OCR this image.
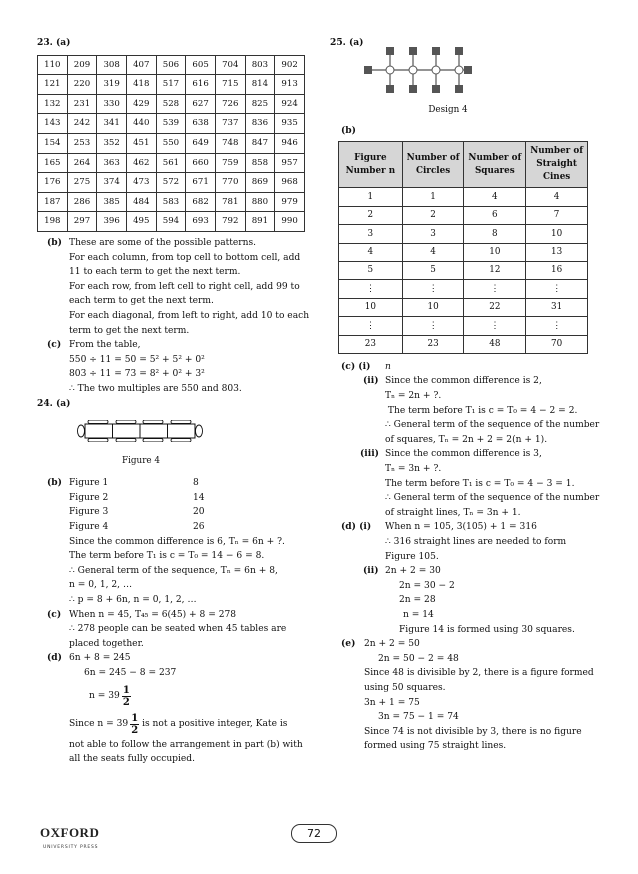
23. (a)
110	209	308	407	506	605	704	803	902
121	220	319	418	517	616	715	814	913
132	231	330	429	528	627	726	825	924
143	242	341	440	539	638	737	836	935
154	253	352	451	550	649	748	847	946
165	264	363	462	561	660	759	858	957
176	275	374	473	572	671	770	869	968
187	286	385	484	583	682	781	880	979
198	297	396	495	594	693	792	891	990
(b) These are some of the possible patterns.
For each column, from top cell to bottom cell, add
11 to each term to get the next term.
For each row, from left cell to right cell, add 99 to
each term to get the next term.
For each diagonal, from left to right, add 10 to each
term to get the next term.
(c) From the table,
550 ÷ 11 = 50 = 5² + 5² + 0²
803 ÷ 11 = 73 = 8² + 0² + 3²
∴ The two multiples are 550 and 803.
24. (a)
Figure 4
(b) Figure 1	8
Figure 2	14
Figure 3	20
Figure 4	26
Since the common difference is 6, Tₙ = 6n + ?.
The term before T₁ is c = T₀ = 14 − 6 = 8.
∴ General term of the sequence, Tₙ = 6n + 8,
n = 0, 1, 2, …
∴ p = 8 + 6n, n = 0, 1, 2, …
(c) When n = 45, T₄₅ = 6(45) + 8 = 278
∴ 278 people can be seated when 45 tables are
placed together.
(d) 6n + 8 = 245
6n = 245 − 8 = 237
$n = 39 \frac{1}{2}$
Since $n = 39 \frac{1}{2}$ is not a positive integer, Kate is
not able to follow the arrangement in part (b) with
all the seats fully occupied.
25. (a)
Design 4
(b)
Figure Number n	Number of Circles	Number of Squares	Number of Straight Cines
1	1	4	4
2	2	6	7
3	3	8	10
4	4	10	13
5	5	12	16
⋮	⋮	⋮	⋮
10	10	22	31
⋮	⋮	⋮	⋮
23	23	48	70
(c) (i)	n
(ii) Since the common difference is 2,
Tₙ = 2n + ?.
The term before T₁ is c = T₀ = 4 − 2 = 2.
∴ General term of the sequence of the number
of squares, Tₙ = 2n + 2 = 2(n + 1).
(iii) Since the common difference is 3,
Tₙ = 3n + ?.
The term before T₁ is c = T₀ = 4 − 3 = 1.
∴ General term of the sequence of the number
of straight lines, Tₙ = 3n + 1.
(d) (i)	When n = 105, 3(105) + 1 = 316
∴ 316 straight lines are needed to form
Figure 105.
(ii) 2n + 2 = 30
2n = 30 − 2
2n = 28
n = 14
Figure 14 is formed using 30 squares.
(e) 2n + 2 = 50
2n = 50 − 2 = 48
Since 48 is divisible by 2, there is a figure formed
using 50 squares.
3n + 1 = 75
3n = 75 − 1 = 74
Since 74 is not divisible by 3, there is no figure
formed using 75 straight lines.
OXFORD
UNIVERSITY PRESS
72
